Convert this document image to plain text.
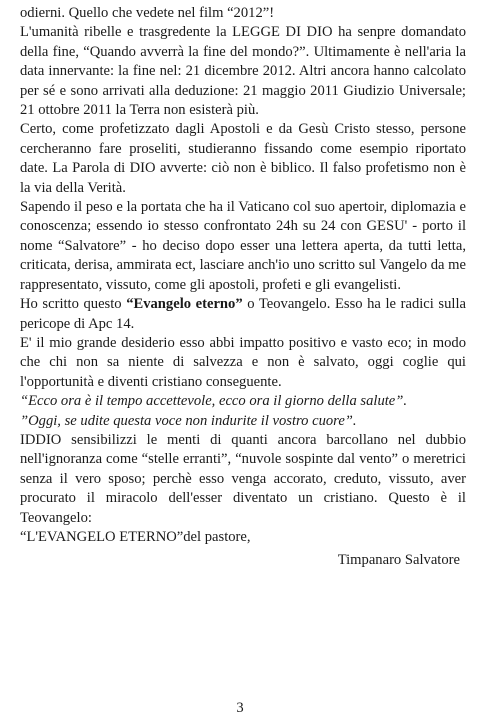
odierni. Quello che vedete nel film “2012”!

L'umanità ribelle e trasgredente la LEGGE DI DIO ha senpre domandato della fine, “Quando avverrà la fine del mondo?”. Ultimamente è nell'aria la data innervante: la fine nel: 21 dicembre 2012. Altri ancora hanno calcolato per sé e sono arrivati alla deduzione: 21 maggio 2011 Giudizio Universale; 21 ottobre 2011 la Terra non esisterà più.

Certo, come profetizzato dagli Apostoli e da Gesù Cristo stesso, persone cercheranno fare proseliti, studieranno fissando come esempio riportato date. La Parola di DIO avverte: ciò non è biblico. Il falso profetismo non è la via della Verità.

Sapendo il peso e la portata che ha il Vaticano col suo apertoir, diplomazia e conoscenza; essendo io stesso confrontato 24h su 24 con GESU' - porto il nome “Salvatore” - ho deciso dopo esser una lettera aperta, da tutti letta, criticata, derisa, ammirata ect, lasciare anch'io uno scritto sul Vangelo da me rappresentato, vissuto, come gli apostoli, profeti e gli evangelisti.

Ho scritto questo “Evangelo eterno” o Teovangelo. Esso ha le radici sulla pericope di Apc 14.

E' il mio grande desiderio esso abbi impatto positivo e vasto eco; in modo che chi non sa niente di salvezza e non è salvato, oggi coglie qui l'opportunità e diventi cristiano conseguente.

“Ecco ora è il tempo accettevole, ecco ora il giorno della salute”.

”Oggi, se udite questa voce non indurite il vostro cuore”.

IDDIO sensibilizzi le menti di quanti ancora barcollano nel dubbio nell'ignoranza come “stelle erranti”, “nuvole sospinte dal vento” o meretrici senza il vero sposo; perchè esso venga accorato, creduto, vissuto, aver procurato il miracolo dell'esser diventato un cristiano. Questo è il Teovangelo:

“L'EVANGELO ETERNO”del pastore,

Timpanaro Salvatore

3
